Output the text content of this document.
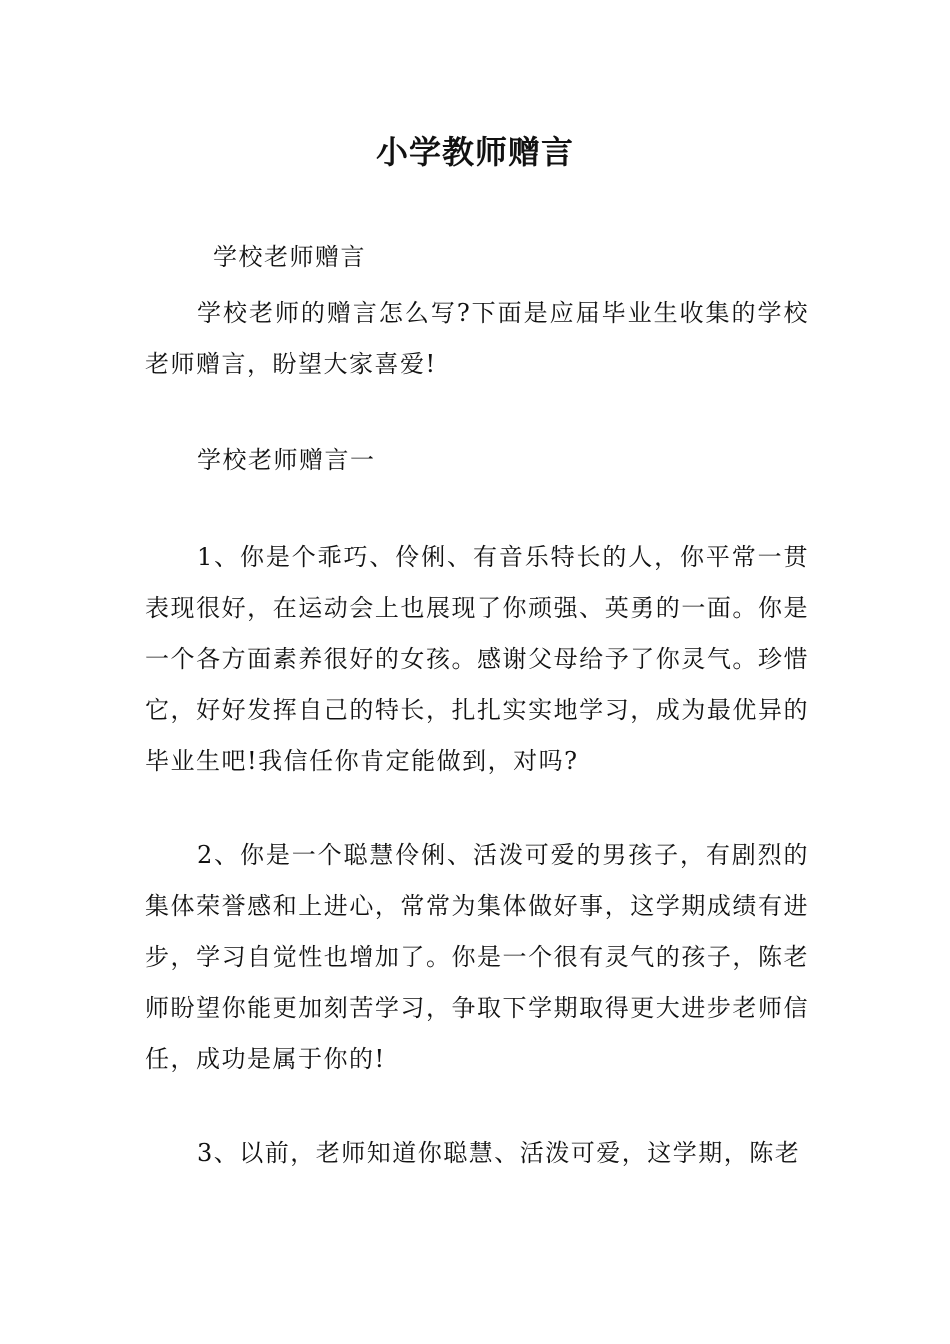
小学教师赠言

学校老师赠言

学校老师的赠言怎么写?下面是应届毕业生收集的学校老师赠言，盼望大家喜爱!

学校老师赠言一

1、你是个乖巧、伶俐、有音乐特长的人，你平常一贯表现很好，在运动会上也展现了你顽强、英勇的一面。你是一个各方面素养很好的女孩。感谢父母给予了你灵气。珍惜它，好好发挥自己的特长，扎扎实实地学习，成为最优异的毕业生吧!我信任你肯定能做到，对吗?

2、你是一个聪慧伶俐、活泼可爱的男孩子，有剧烈的集体荣誉感和上进心，常常为集体做好事，这学期成绩有进步，学习自觉性也增加了。你是一个很有灵气的孩子，陈老师盼望你能更加刻苦学习，争取下学期取得更大进步老师信任，成功是属于你的!

3、以前，老师知道你聪慧、活泼可爱，这学期，陈老
